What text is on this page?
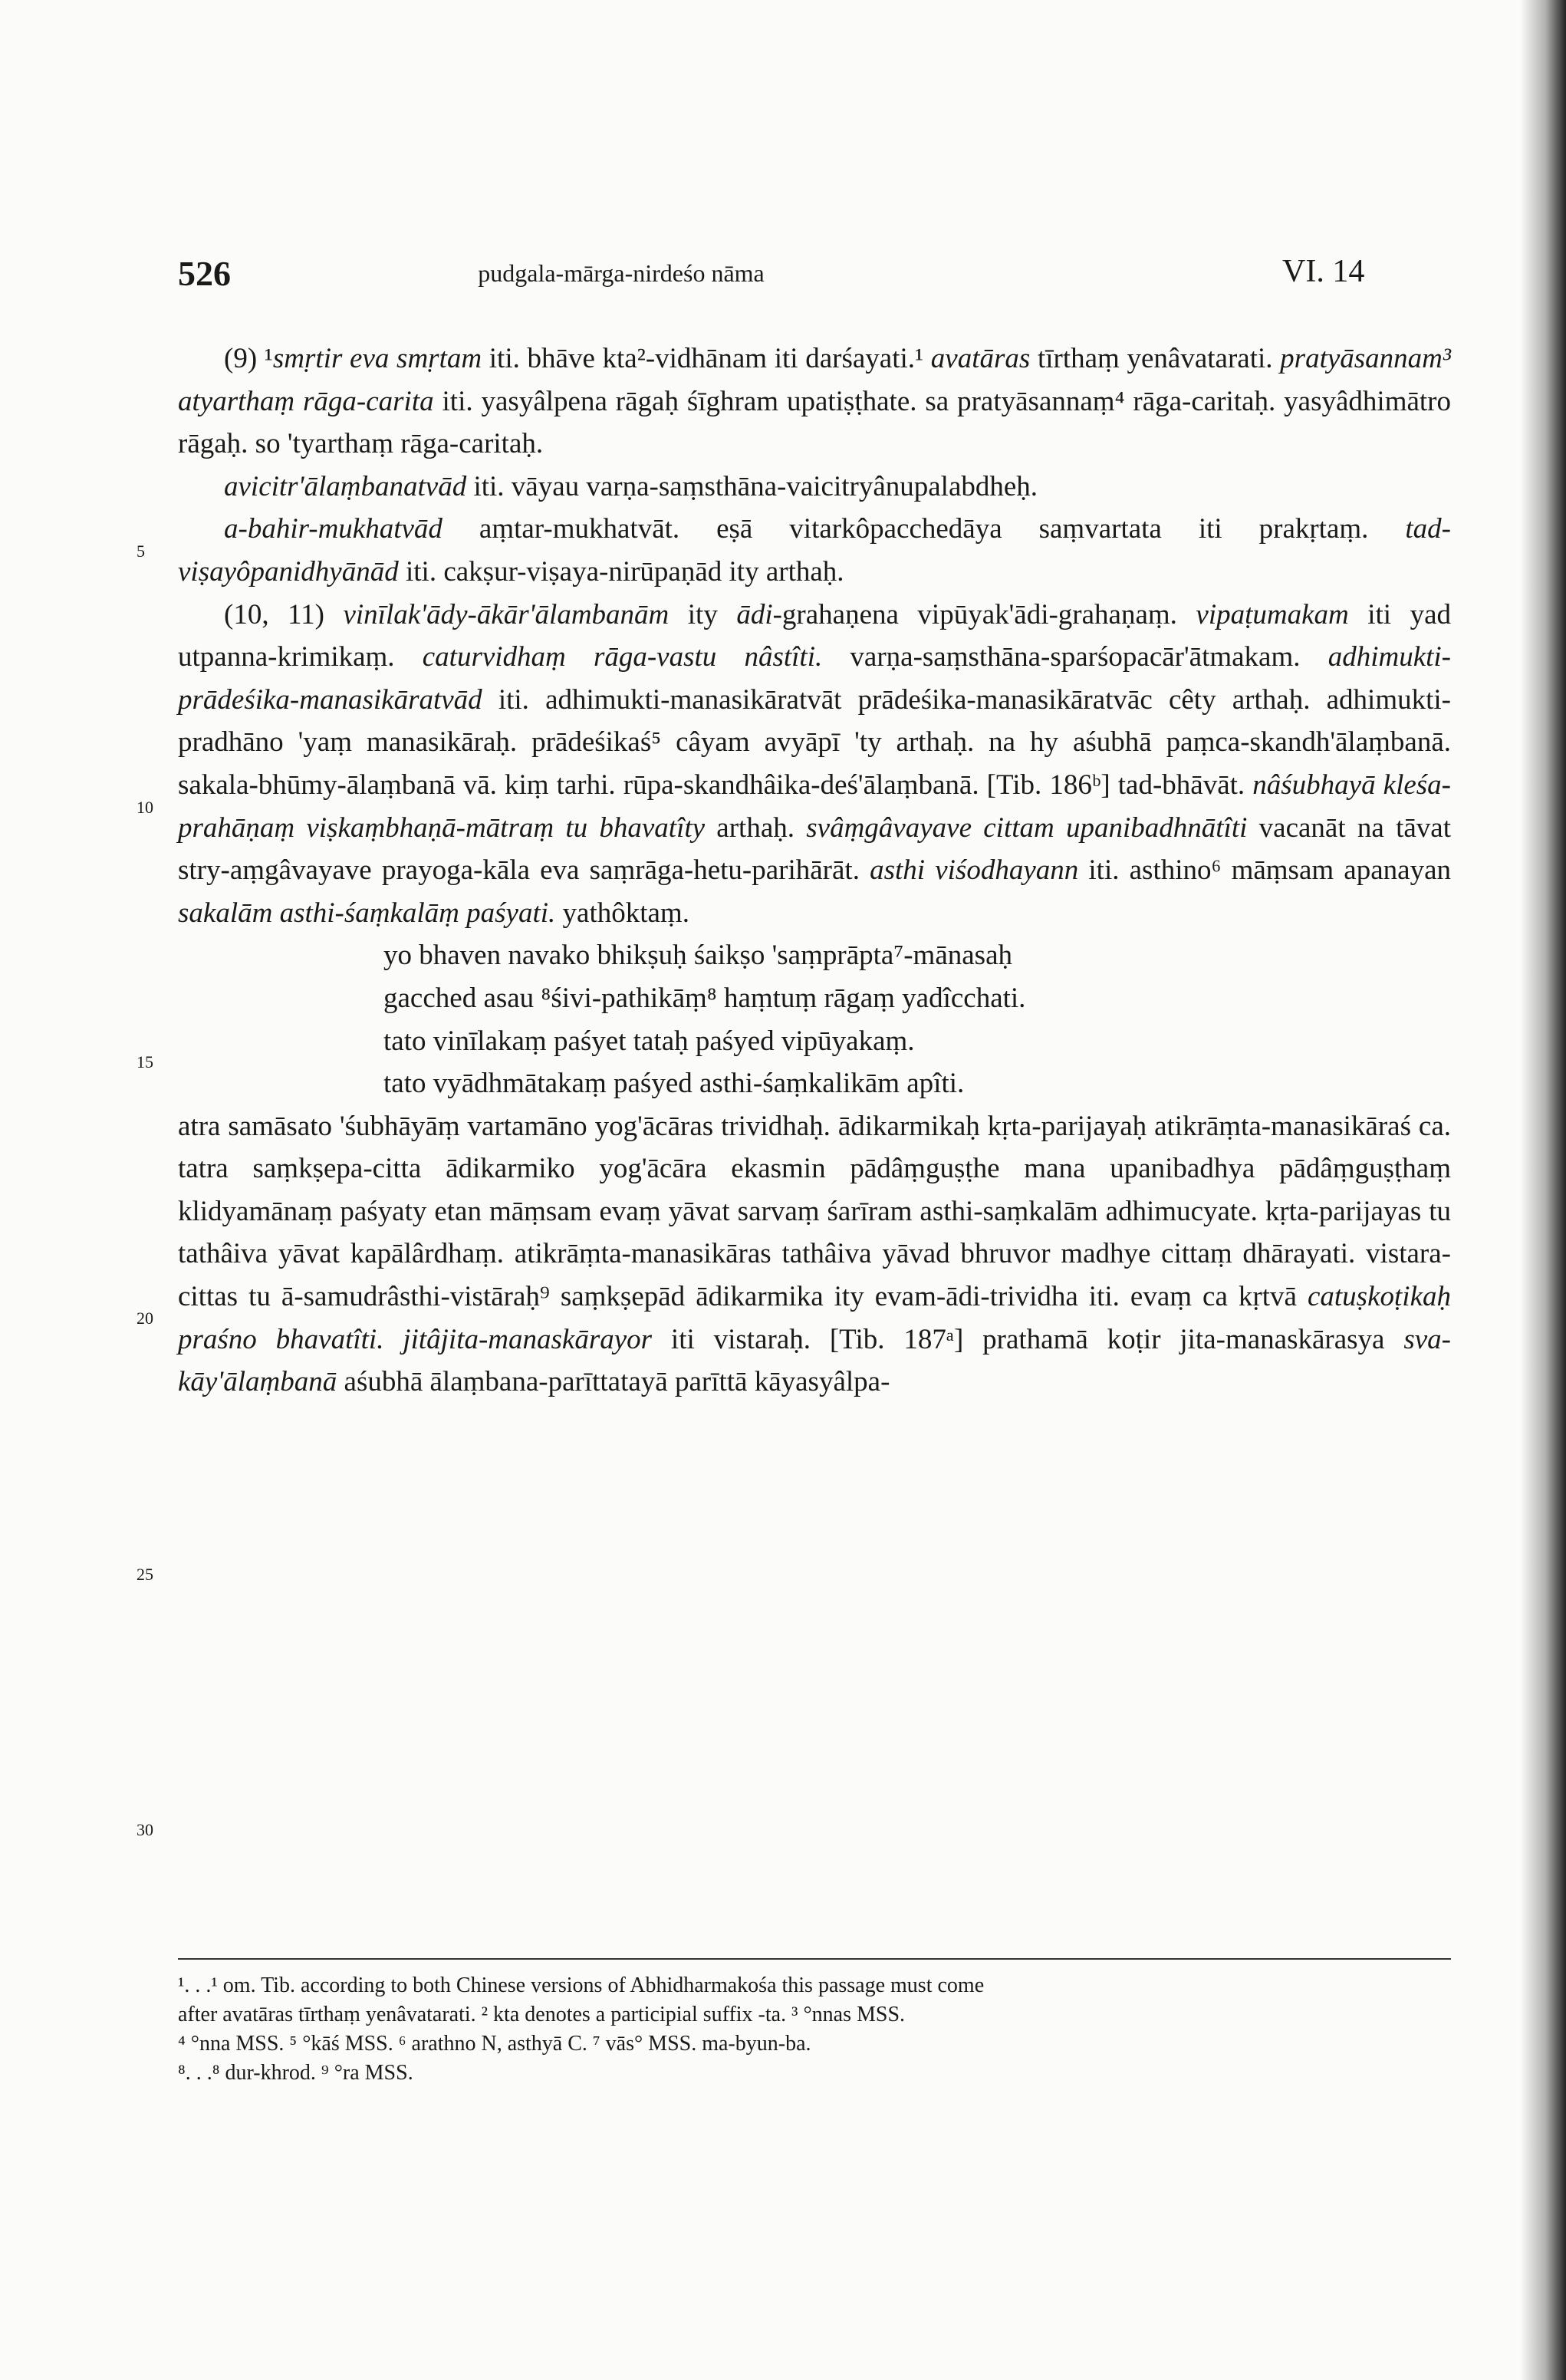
526	pudgala-mārga-nirdeśo nāma	VI. 14
5
10
15
20
25
30

(9) ¹smṛtir eva smṛtam iti. bhāve kta²-vidhānam iti darśayati.¹ avatāras tīrthaṃ yenâvatarati. pratyāsannam³ atyarthaṃ rāga-carita iti. yasyâlpena rāgaḥ śīghram upatiṣṭhate. sa pratyāsannaṃ⁴ rāga-caritaḥ. yasyâdhimātro rāgaḥ. so 'tyarthaṃ rāga-caritaḥ.

avicitr'ālaṃbanatvād iti. vāyau varṇa-saṃsthāna-vaicitryânupalabdheḥ.

a-bahir-mukhatvād aṃtar-mukhatvāt. eṣā vitarkôpacchedāya saṃvartata iti prakṛtaṃ. tad-viṣayôpanidhyānād iti. cakṣur-viṣaya-nirūpaṇād ity arthaḥ.

(10, 11) vinīlak'ādy-ākār'ālambanām ity ādi-grahaṇena vipūyak'ādi-grahaṇaṃ. vipaṭumakam iti yad utpanna-krimikaṃ. caturvidhaṃ rāga-vastu nâstîti. varṇa-saṃsthāna-sparśopacār'ātmakam. adhimukti-prādeśika-manasikāratvād iti. adhimukti-manasikāratvāt prādeśika-manasikāratvāc cêty arthaḥ. adhimukti-pradhāno 'yaṃ manasikāraḥ. prādeśikaś⁵ câyam avyāpī 'ty arthaḥ. na hy aśubhā paṃca-skandh'ālaṃbanā. sakala-bhūmy-ālaṃbanā vā. kiṃ tarhi. rūpa-skandhâika-deś'ālaṃbanā. [Tib. 186ᵇ] tad-bhāvāt. nâśubhayā kleśa-prahāṇaṃ viṣkaṃbhaṇā-mātraṃ tu bhavatîty arthaḥ. svâṃgâvayave cittam upanibadhnātîti vacanāt na tāvat stry-aṃgâvayave prayoga-kāla eva saṃrāga-hetu-parihārāt. asthi viśodhayann iti. asthino⁶ māṃsam apanayan sakalām asthi-śaṃkalāṃ paśyati. yathôktaṃ.

yo bhaven navako bhikṣuḥ śaikṣo 'saṃprāpta⁷-mānasaḥ
gacched asau ⁸śivi-pathikāṃ⁸ haṃtuṃ rāgaṃ yadîcchati.
tato vinīlakaṃ paśyet tataḥ paśyed vipūyakaṃ.
tato vyādhmātakaṃ paśyed asthi-śaṃkalikām apîti.

atra samāsato 'śubhāyāṃ vartamāno yog'ācāras trividhaḥ. ādikarmikaḥ kṛta-parijayaḥ atikrāṃta-manasikāraś ca. tatra saṃkṣepa-citta ādikarmiko yog'ācāra ekasmin pādâṃguṣṭhe mana upanibadhya pādâṃguṣṭhaṃ klidyamānaṃ paśyaty etan māṃsam evaṃ yāvat sarvaṃ śarīram asthi-saṃkalām adhimucyate. kṛta-parijayas tu tathâiva yāvat kapālârdhaṃ. atikrāṃta-manasikāras tathâiva yāvad bhruvor madhye cittaṃ dhārayati. vistara-cittas tu ā-samudrâsthi-vistāraḥ⁹ saṃkṣepād ādikarmika ity evam-ādi-trividha iti. evaṃ ca kṛtvā catuṣkoṭikaḥ praśno bhavatîti. jitâjita-manaskārayor iti vistaraḥ. [Tib. 187ᵃ] prathamā koṭir jita-manaskārasya sva-kāy'ālaṃbanā aśubhā ālaṃbana-parīttatayā parīttā kāyasyâlpa-

¹. . .¹ om. Tib. according to both Chinese versions of Abhidharmakośa this passage must come
after avatāras tīrthaṃ yenâvatarati. ² kta denotes a participial suffix -ta. ³ °nnas MSS.
⁴ °nna MSS. ⁵ °kāś MSS. ⁶ arathno N, asthyā C. ⁷ vās° MSS. ma-byun-ba.
⁸. . .⁸ dur-khrod. ⁹ °ra MSS.
